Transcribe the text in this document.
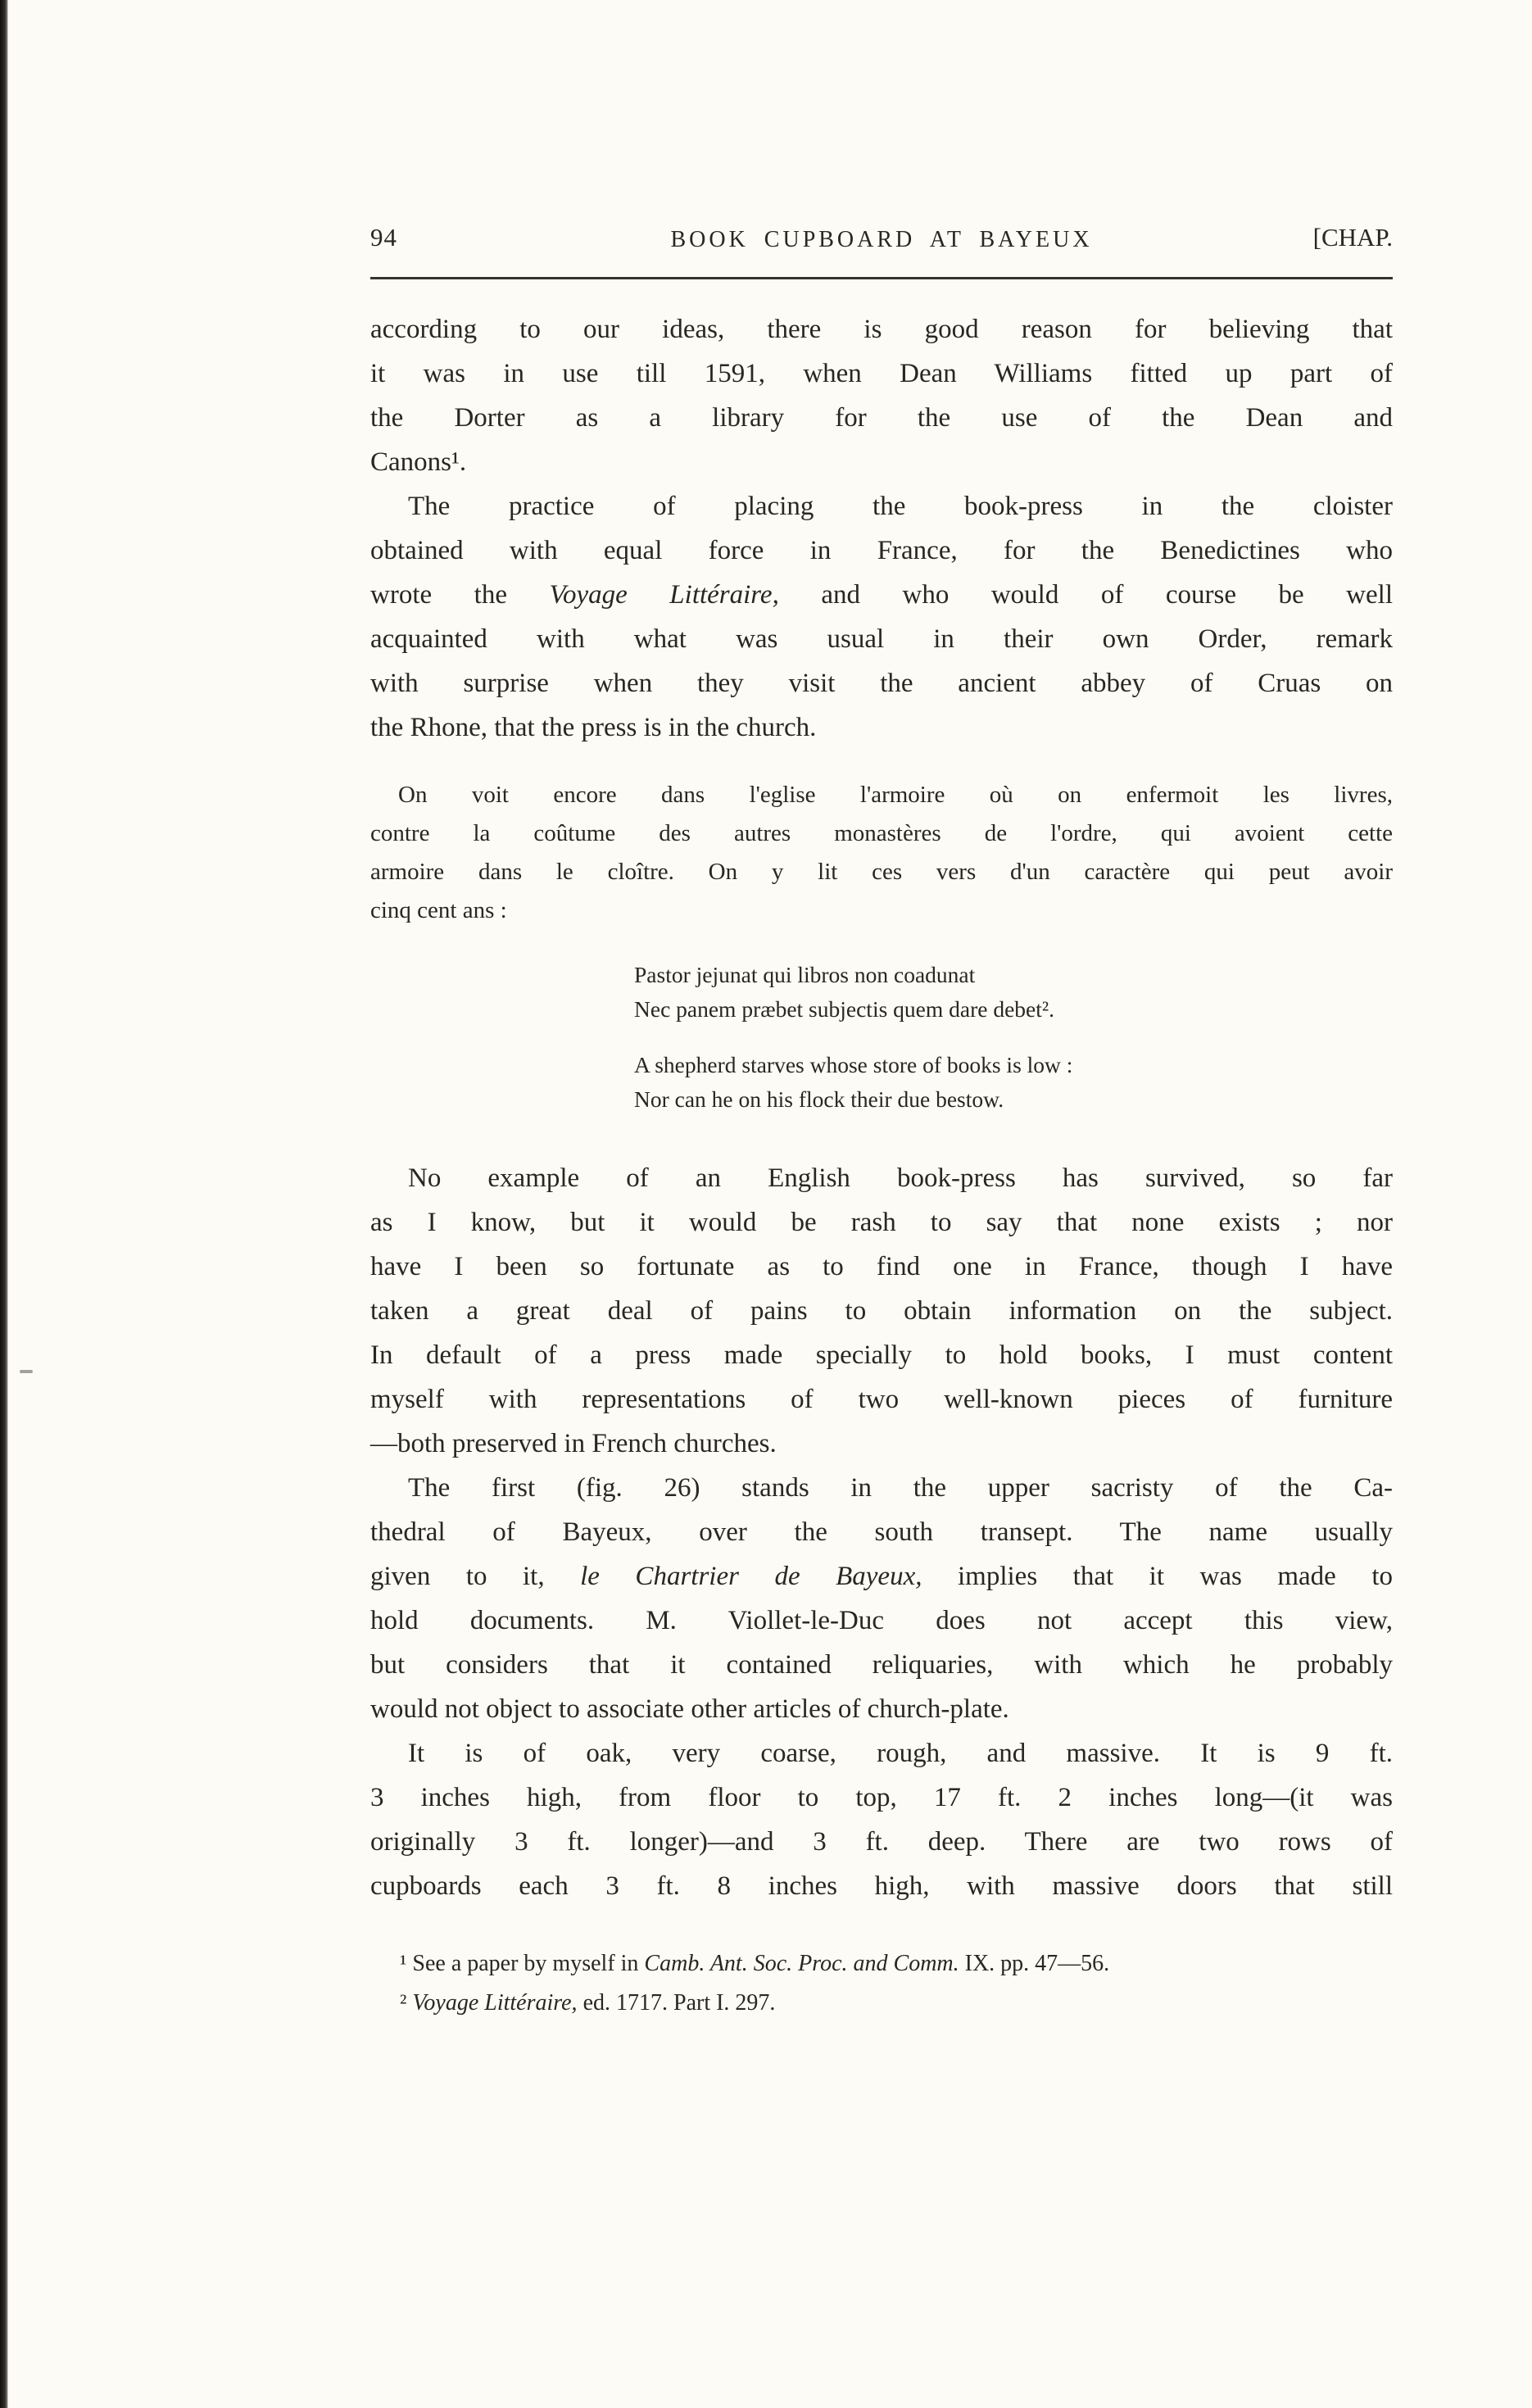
94	BOOK CUPBOARD AT BAYEUX	[CHAP.
according to our ideas, there is good reason for believing that
it was in use till 1591, when Dean Williams fitted up part of
the Dorter as a library for the use of the Dean and
Canons¹.
The practice of placing the book-press in the cloister
obtained with equal force in France, for the Benedictines who
wrote the Voyage Littéraire, and who would of course be well
acquainted with what was usual in their own Order, remark
with surprise when they visit the ancient abbey of Cruas on
the Rhone, that the press is in the church.
On voit encore dans l'eglise l'armoire où on enfermoit les livres,
contre la coûtume des autres monastères de l'ordre, qui avoient cette
armoire dans le cloître. On y lit ces vers d'un caractère qui peut avoir
cinq cent ans :
Pastor jejunat qui libros non coadunat
Nec panem præbet subjectis quem dare debet².
A shepherd starves whose store of books is low :
Nor can he on his flock their due bestow.
No example of an English book-press has survived, so far
as I know, but it would be rash to say that none exists ; nor
have I been so fortunate as to find one in France, though I have
taken a great deal of pains to obtain information on the subject.
In default of a press made specially to hold books, I must content
myself with representations of two well-known pieces of furniture
—both preserved in French churches.
The first (fig. 26) stands in the upper sacristy of the Ca-
thedral of Bayeux, over the south transept. The name usually
given to it, le Chartrier de Bayeux, implies that it was made to
hold documents. M. Viollet-le-Duc does not accept this view,
but considers that it contained reliquaries, with which he probably
would not object to associate other articles of church-plate.
It is of oak, very coarse, rough, and massive. It is 9 ft.
3 inches high, from floor to top, 17 ft. 2 inches long—(it was
originally 3 ft. longer)—and 3 ft. deep. There are two rows of
cupboards each 3 ft. 8 inches high, with massive doors that still
¹ See a paper by myself in Camb. Ant. Soc. Proc. and Comm. IX. pp. 47—56.
² Voyage Littéraire, ed. 1717. Part I. 297.
